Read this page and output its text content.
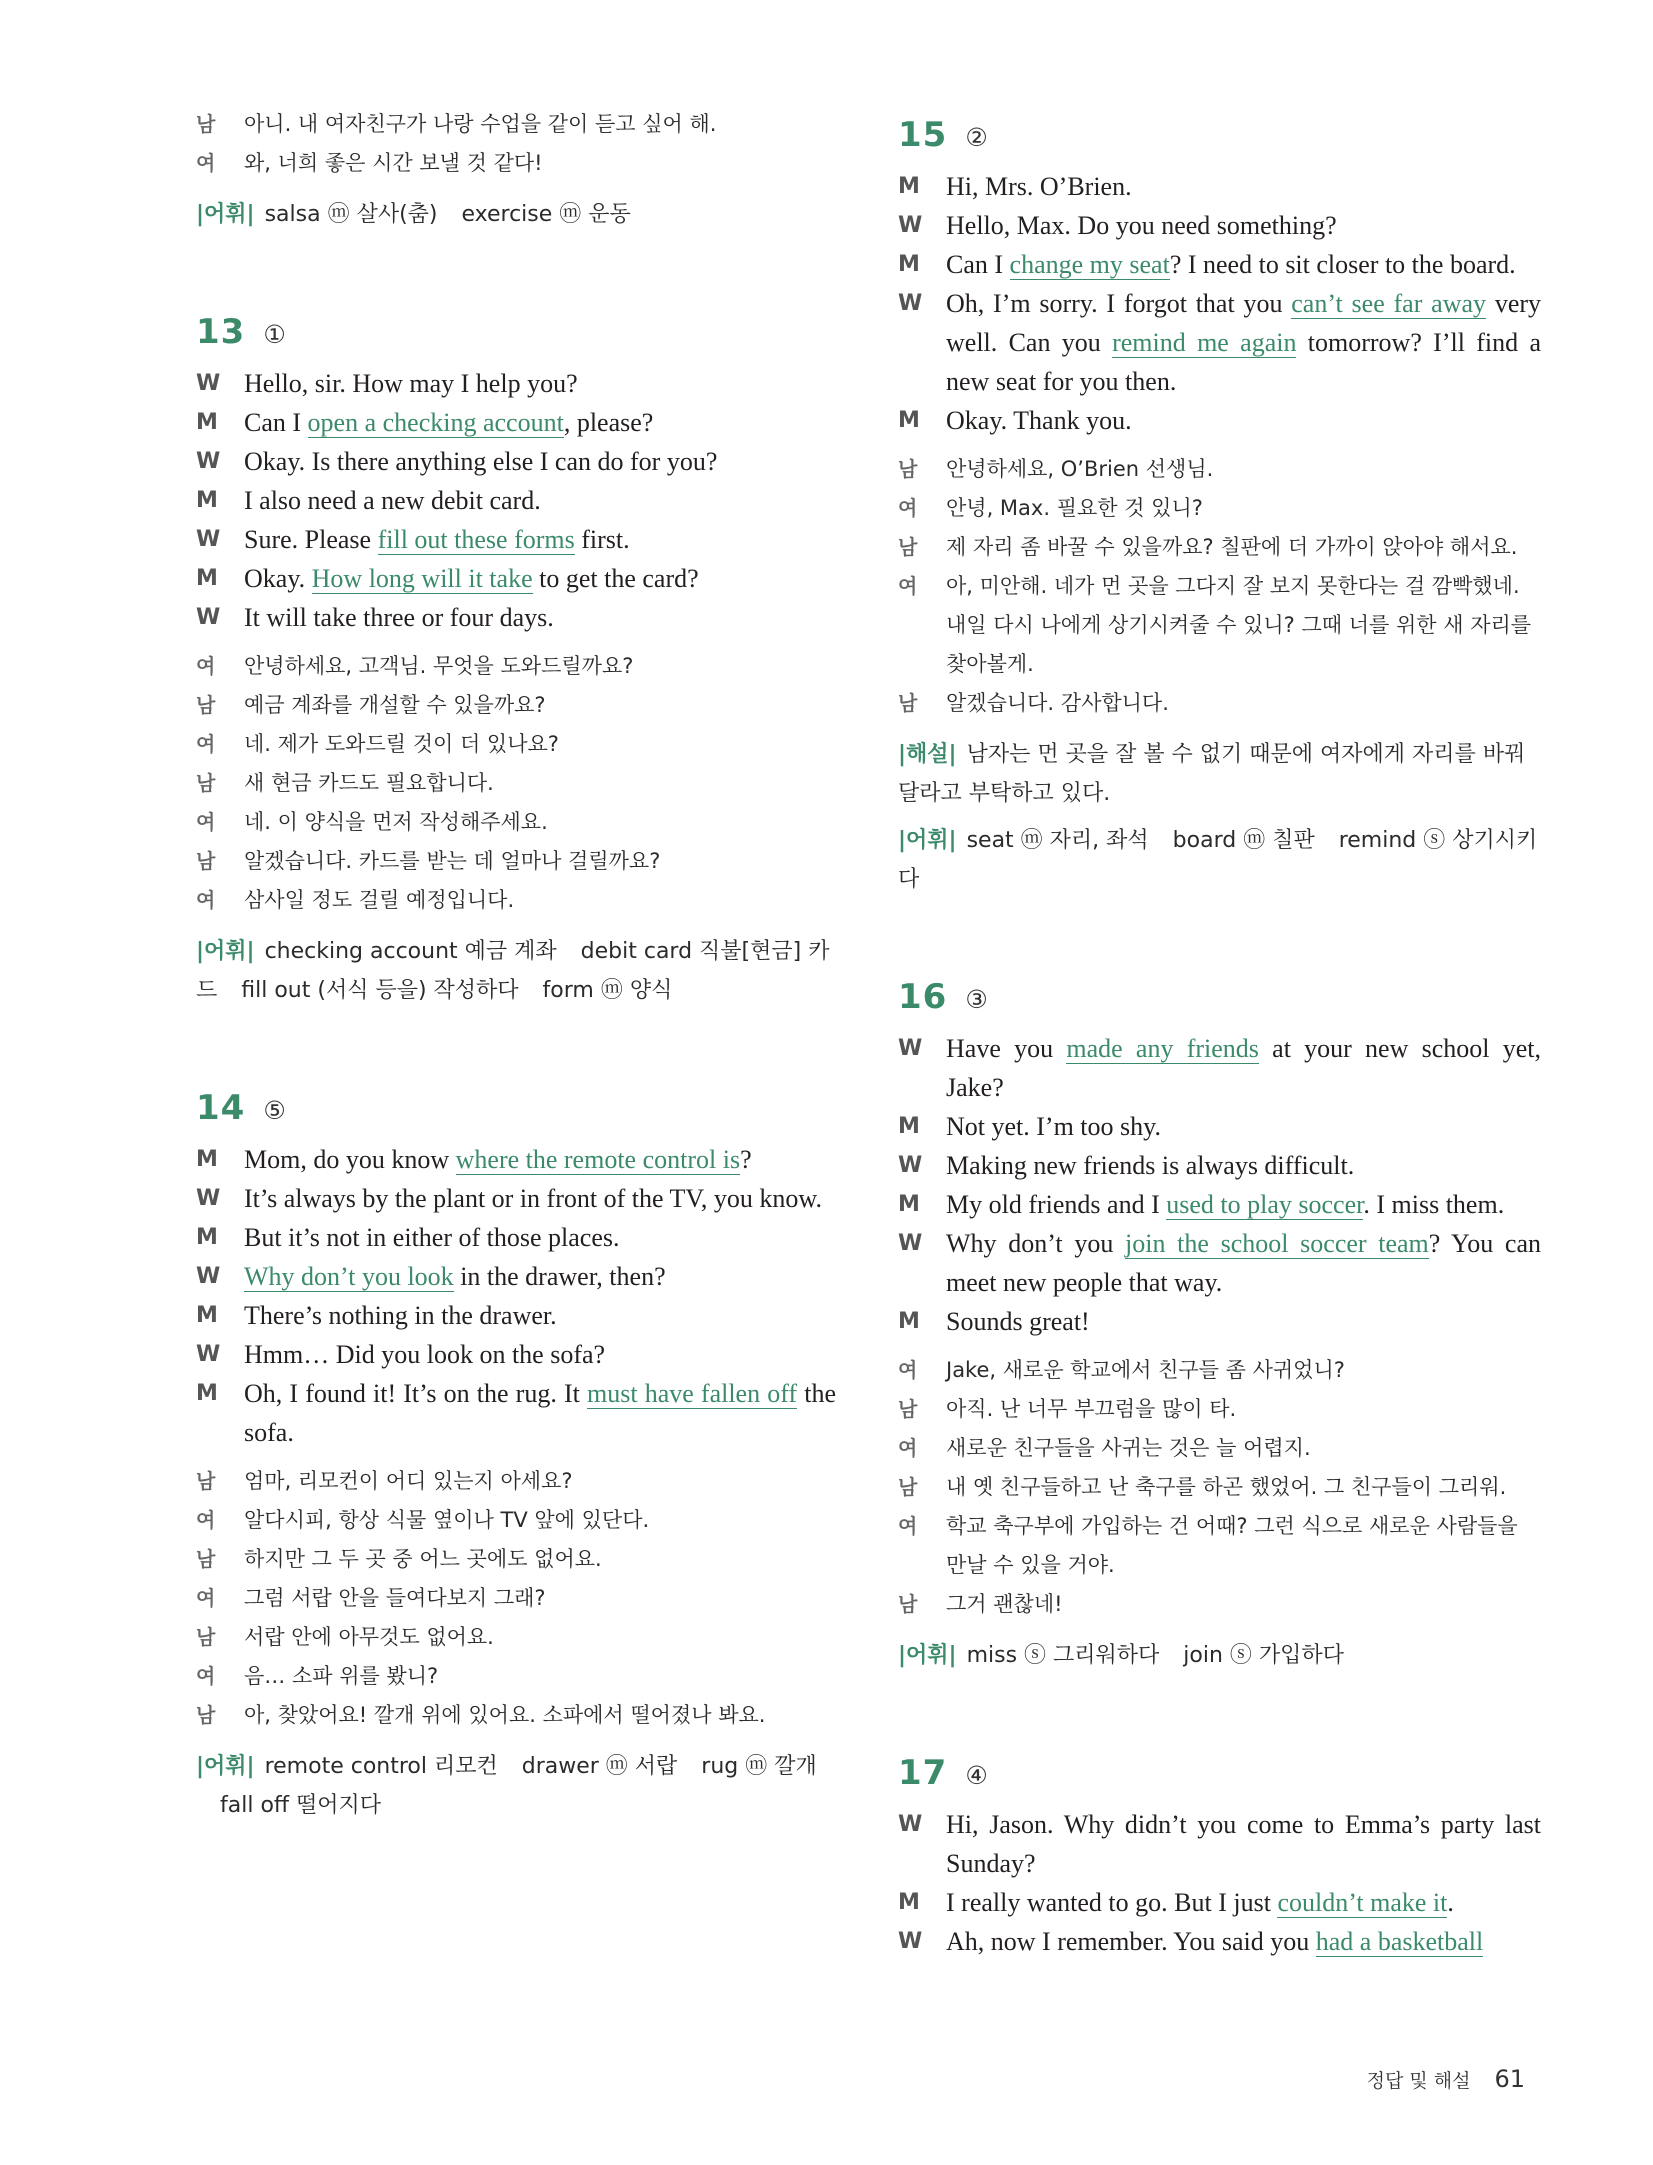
남	아니. 내 여자친구가 나랑 수업을 같이 듣고 싶어 해.
여	와, 너희 좋은 시간 보낼 것 같다!
|어휘| salsa ⓜ 살사(춤) exercise ⓜ 운동
13 ①
W Hello, sir. How may I help you?
M	Can I open a checking account, please?
W Okay. Is there anything else I can do for you?
M	I also need a new debit card.
W Sure. Please fill out these forms first.
M	Okay. How long will it take to get the card?
W It will take three or four days.
여	안녕하세요, 고객님. 무엇을 도와드릴까요?
남	예금 계좌를 개설할 수 있을까요?
여	네. 제가 도와드릴 것이 더 있나요?
남	새 현금 카드도 필요합니다.
여	네. 이 양식을 먼저 작성해주세요.
남	알겠습니다. 카드를 받는 데 얼마나 걸릴까요?
여	삼사일 정도 걸릴 예정입니다.
|어휘| checking account 예금 계좌 debit card 직불[현금] 카드 fill out (서식 등을) 작성하다 form ⓜ 양식
14 ⑤
M	Mom, do you know where the remote control is?
W It’s always by the plant or in front of the TV, you know.
M	But it’s not in either of those places.
W Why don’t you look in the drawer, then?
M	There’s nothing in the drawer.
W Hmm… Did you look on the sofa?
M	Oh, I found it! It’s on the rug. It must have fallen off the sofa.
남	엄마, 리모컨이 어디 있는지 아세요?
여	알다시피, 항상 식물 옆이나 TV 앞에 있단다.
남	하지만 그 두 곳 중 어느 곳에도 없어요.
여	그럼 서랍 안을 들여다보지 그래?
남	서랍 안에 아무것도 없어요.
여	음… 소파 위를 봤니?
남	아, 찾았어요! 깔개 위에 있어요. 소파에서 떨어졌나 봐요.
|어휘| remote control 리모컨 drawer ⓜ 서랍 rug ⓜ 깔개fall off 떨어지다
15 ②
M	Hi, Mrs. O’Brien.
W Hello, Max. Do you need something?
M	Can I change my seat? I need to sit closer to the board.
W Oh, I’m sorry. I forgot that you can’t see far away very well. Can you remind me again tomorrow? I’ll find a new seat for you then.
M	Okay. Thank you.
남	안녕하세요, O’Brien 선생님.
여	안녕, Max. 필요한 것 있니?
남	제 자리 좀 바꿀 수 있을까요? 칠판에 더 가까이 앉아야 해서요.
여	아, 미안해. 네가 먼 곳을 그다지 잘 보지 못한다는 걸 깜빡했네. 내일 다시 나에게 상기시켜줄 수 있니? 그때 너를 위한 새 자리를 찾아볼게.
남	알겠습니다. 감사합니다.
|해설| 남자는 먼 곳을 잘 볼 수 없기 때문에 여자에게 자리를 바꿔 달라고 부탁하고 있다.
|어휘| seat ⓜ 자리, 좌석 board ⓜ 칠판 remind ⓢ 상기시키다
16 ③
W Have you made any friends at your new school yet, Jake?
M	Not yet. I’m too shy.
W Making new friends is always difficult.
M	My old friends and I used to play soccer. I miss them.
W Why don’t you join the school soccer team? You can meet new people that way.
M	Sounds great!
여	Jake, 새로운 학교에서 친구들 좀 사귀었니?
남	아직. 난 너무 부끄럼을 많이 타.
여	새로운 친구들을 사귀는 것은 늘 어렵지.
남	내 옛 친구들하고 난 축구를 하곤 했었어. 그 친구들이 그리워.
여	학교 축구부에 가입하는 건 어때? 그런 식으로 새로운 사람들을 만날 수 있을 거야.
남	그거 괜찮네!
|어휘| miss ⓢ 그리워하다 join ⓢ 가입하다
17 ④
W Hi, Jason. Why didn’t you come to Emma’s party last Sunday?
M	I really wanted to go. But I just couldn’t make it.
W Ah, now I remember. You said you had a basketball
정답 및 해설 61
